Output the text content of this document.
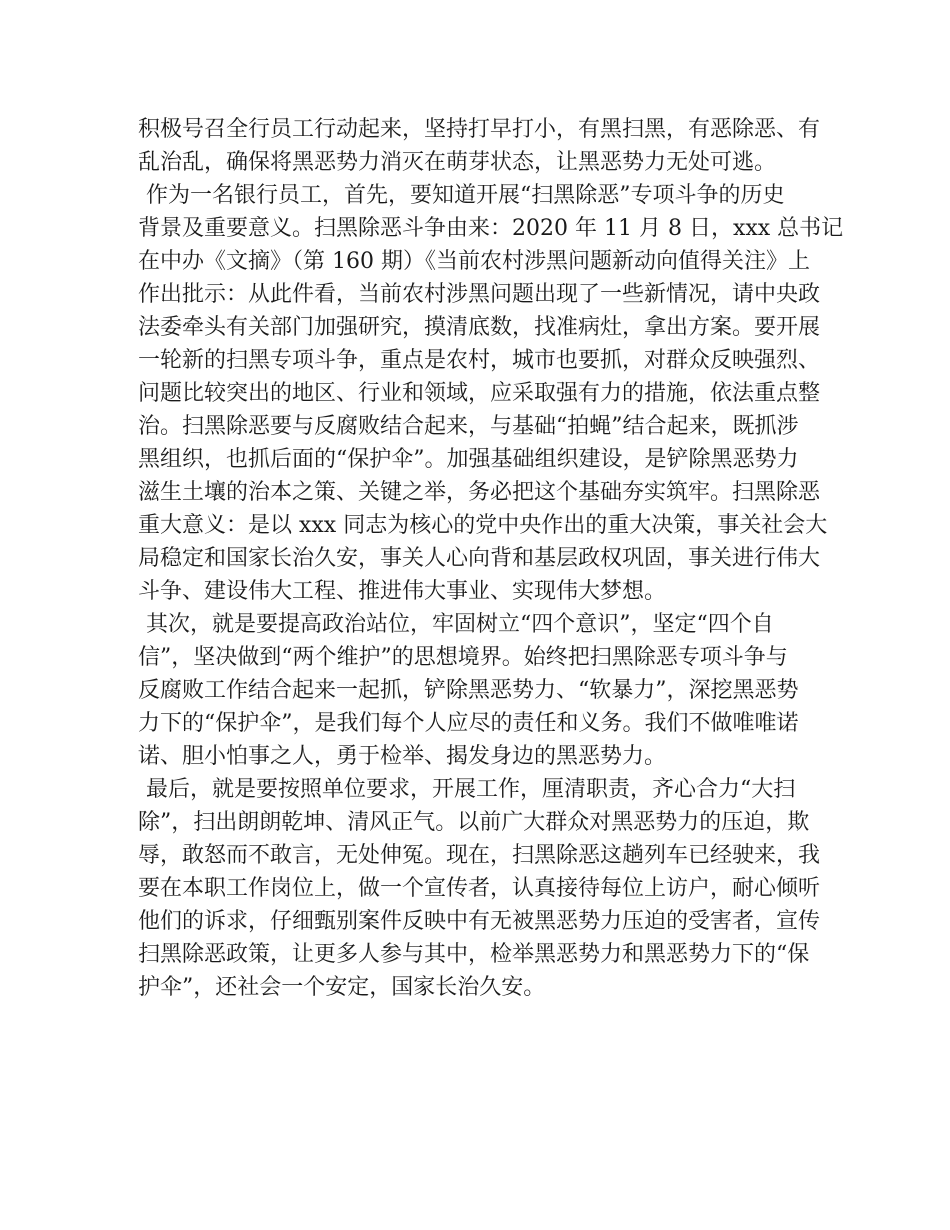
积极号召全行员工行动起来，坚持打早打小，有黑扫黑，有恶除恶、有
乱治乱，确保将黑恶势力消灭在萌芽状态，让黑恶势力无处可逃。
作为一名银行员工，首先，要知道开展“扫黑除恶”专项斗争的历史
背景及重要意义。扫黑除恶斗争由来：2020 年 11 月 8 日，xxx 总书记
在中办《文摘》（第 160 期）《当前农村涉黑问题新动向值得关注》上
作出批示：从此件看，当前农村涉黑问题出现了一些新情况，请中央政
法委牵头有关部门加强研究，摸清底数，找准病灶，拿出方案。要开展
一轮新的扫黑专项斗争，重点是农村，城市也要抓，对群众反映强烈、
问题比较突出的地区、行业和领域，应采取强有力的措施，依法重点整
治。扫黑除恶要与反腐败结合起来，与基础“拍蝇”结合起来，既抓涉
黑组织，也抓后面的“保护伞”。加强基础组织建设，是铲除黑恶势力
滋生土壤的治本之策、关键之举，务必把这个基础夯实筑牢。扫黑除恶
重大意义：是以 xxx 同志为核心的党中央作出的重大决策，事关社会大
局稳定和国家长治久安，事关人心向背和基层政权巩固，事关进行伟大
斗争、建设伟大工程、推进伟大事业、实现伟大梦想。
其次，就是要提高政治站位，牢固树立“四个意识”，坚定“四个自
信”，坚决做到“两个维护”的思想境界。始终把扫黑除恶专项斗争与
反腐败工作结合起来一起抓，铲除黑恶势力、“软暴力”，深挖黑恶势
力下的“保护伞”，是我们每个人应尽的责任和义务。我们不做唯唯诺
诺、胆小怕事之人，勇于检举、揭发身边的黑恶势力。
最后，就是要按照单位要求，开展工作，厘清职责，齐心合力“大扫
除”，扫出朗朗乾坤、清风正气。以前广大群众对黑恶势力的压迫，欺
辱，敢怒而不敢言，无处伸冤。现在，扫黑除恶这趟列车已经驶来，我
要在本职工作岗位上，做一个宣传者，认真接待每位上访户，耐心倾听
他们的诉求，仔细甄别案件反映中有无被黑恶势力压迫的受害者，宣传
扫黑除恶政策，让更多人参与其中，检举黑恶势力和黑恶势力下的“保
护伞”，还社会一个安定，国家长治久安。
